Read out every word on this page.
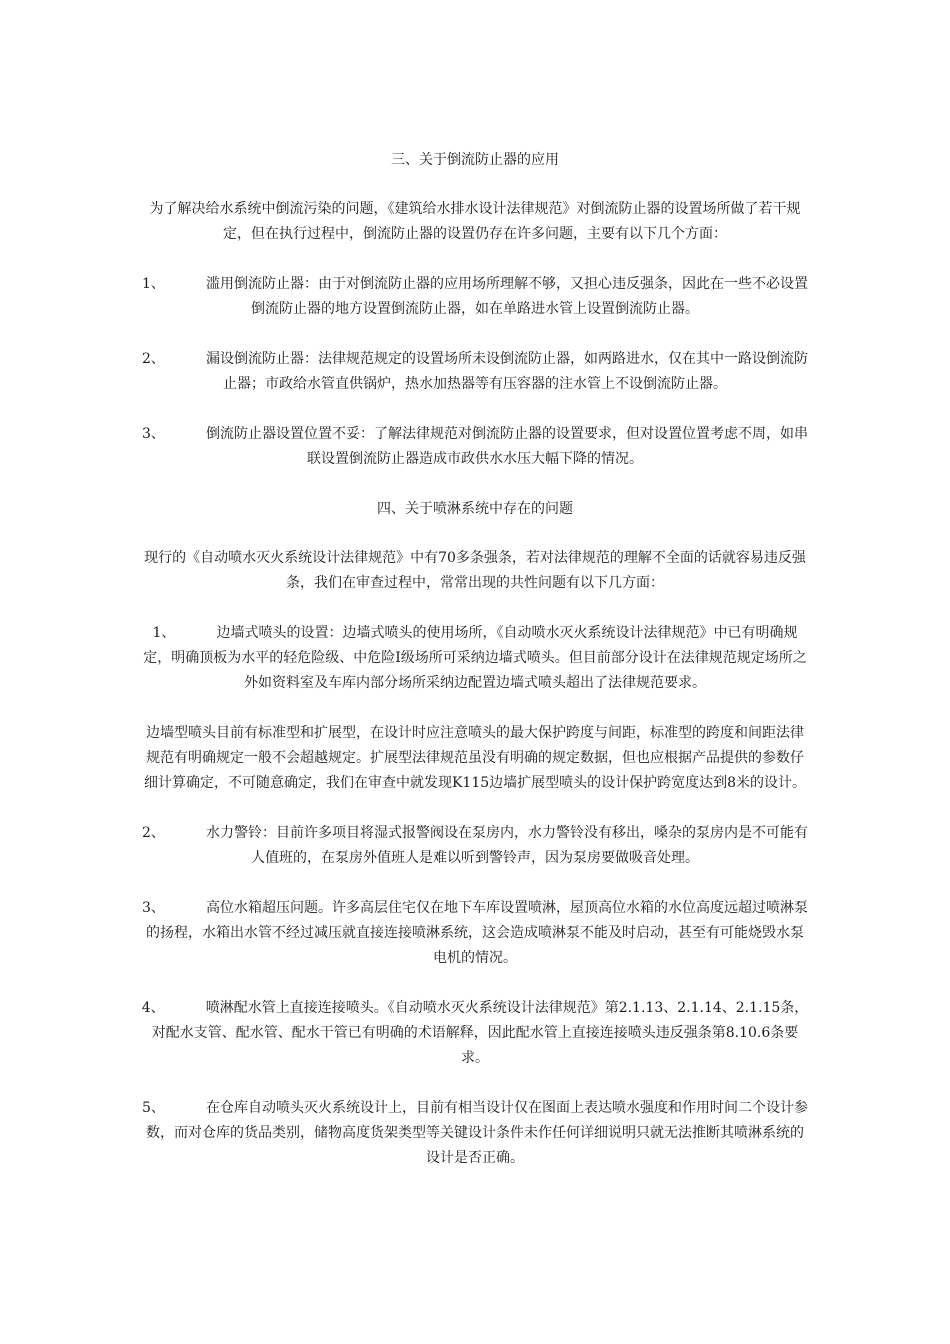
三、关于倒流防止器的应用
为了解决给水系统中倒流污染的问题，《建筑给水排水设计法律规范》对倒流防止器的设置场所做了若干规定，但在执行过程中，倒流防止器的设置仍存在许多问题，主要有以下几个方面：
1、	滥用倒流防止器：由于对倒流防止器的应用场所理解不够，又担心违反强条，因此在一些不必设置倒流防止器的地方设置倒流防止器，如在单路进水管上设置倒流防止器。
2、	漏设倒流防止器：法律规范规定的设置场所未设倒流防止器，如两路进水，仅在其中一路设倒流防止器；市政给水管直供锅炉，热水加热器等有压容器的注水管上不设倒流防止器。
3、	倒流防止器设置位置不妥：了解法律规范对倒流防止器的设置要求，但对设置位置考虑不周，如串联设置倒流防止器造成市政供水水压大幅下降的情况。
四、关于喷淋系统中存在的问题
现行的《自动喷水灭火系统设计法律规范》中有70多条强条，若对法律规范的理解不全面的话就容易违反强条，我们在审查过程中，常常出现的共性问题有以下几方面：
1、	边墙式喷头的设置：边墙式喷头的使用场所，《自动喷水灭火系统设计法律规范》中已有明确规定，明确顶板为水平的轻危险级、中危险Ⅰ级场所可采纳边墙式喷头。但目前部分设计在法律规范规定场所之外如资料室及车库内部分场所采纳边配置边墙式喷头超出了法律规范要求。
边墙型喷头目前有标准型和扩展型，在设计时应注意喷头的最大保护跨度与间距，标准型的跨度和间距法律规范有明确规定一般不会超越规定。扩展型法律规范虽没有明确的规定数据，但也应根据产品提供的参数仔细计算确定，不可随意确定，我们在审查中就发现K115边墙扩展型喷头的设计保护跨宽度达到8米的设计。
2、	水力警铃：目前许多项目将湿式报警阀设在泵房内，水力警铃没有移出，嗓杂的泵房内是不可能有人值班的，在泵房外值班人是难以听到警铃声，因为泵房要做吸音处理。
3、	高位水箱超压问题。许多高层住宅仅在地下车库设置喷淋，屋顶高位水箱的水位高度远超过喷淋泵的扬程，水箱出水管不经过减压就直接连接喷淋系统，这会造成喷淋泵不能及时启动，甚至有可能烧毁水泵电机的情况。
4、	喷淋配水管上直接连接喷头。《自动喷水灭火系统设计法律规范》第2.1.13、2.1.14、2.1.15条，对配水支管、配水管、配水干管已有明确的术语解释，因此配水管上直接连接喷头违反强条第8.10.6条要求。
5、	在仓库自动喷头灭火系统设计上，目前有相当设计仅在图面上表达喷水强度和作用时间二个设计参数，而对仓库的货品类别，储物高度货架类型等关键设计条件未作任何详细说明只就无法推断其喷淋系统的设计是否正确。
